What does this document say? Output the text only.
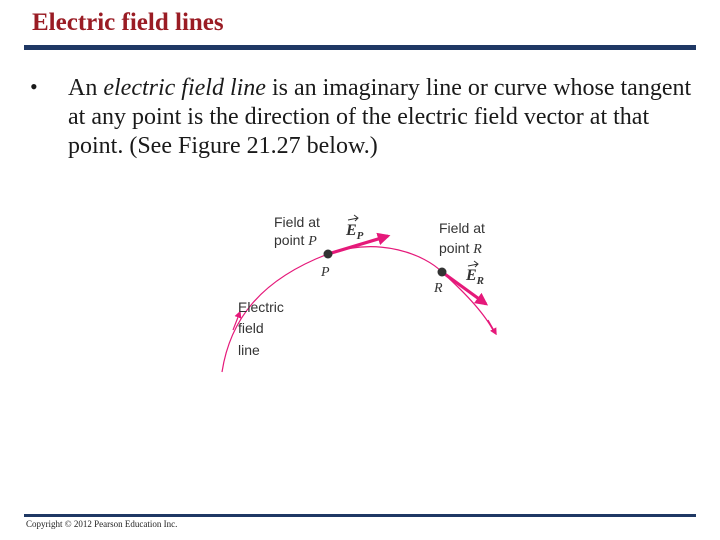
Electric field lines
• An electric field line is an imaginary line or curve whose tangent at any point is the direction of the electric field vector at that point. (See Figure 21.27 below.)
Field at
point P
P
$E_P$	Field at
point R
R
$E_R$
Electric
field
line
Copyright © 2012 Pearson Education Inc.
